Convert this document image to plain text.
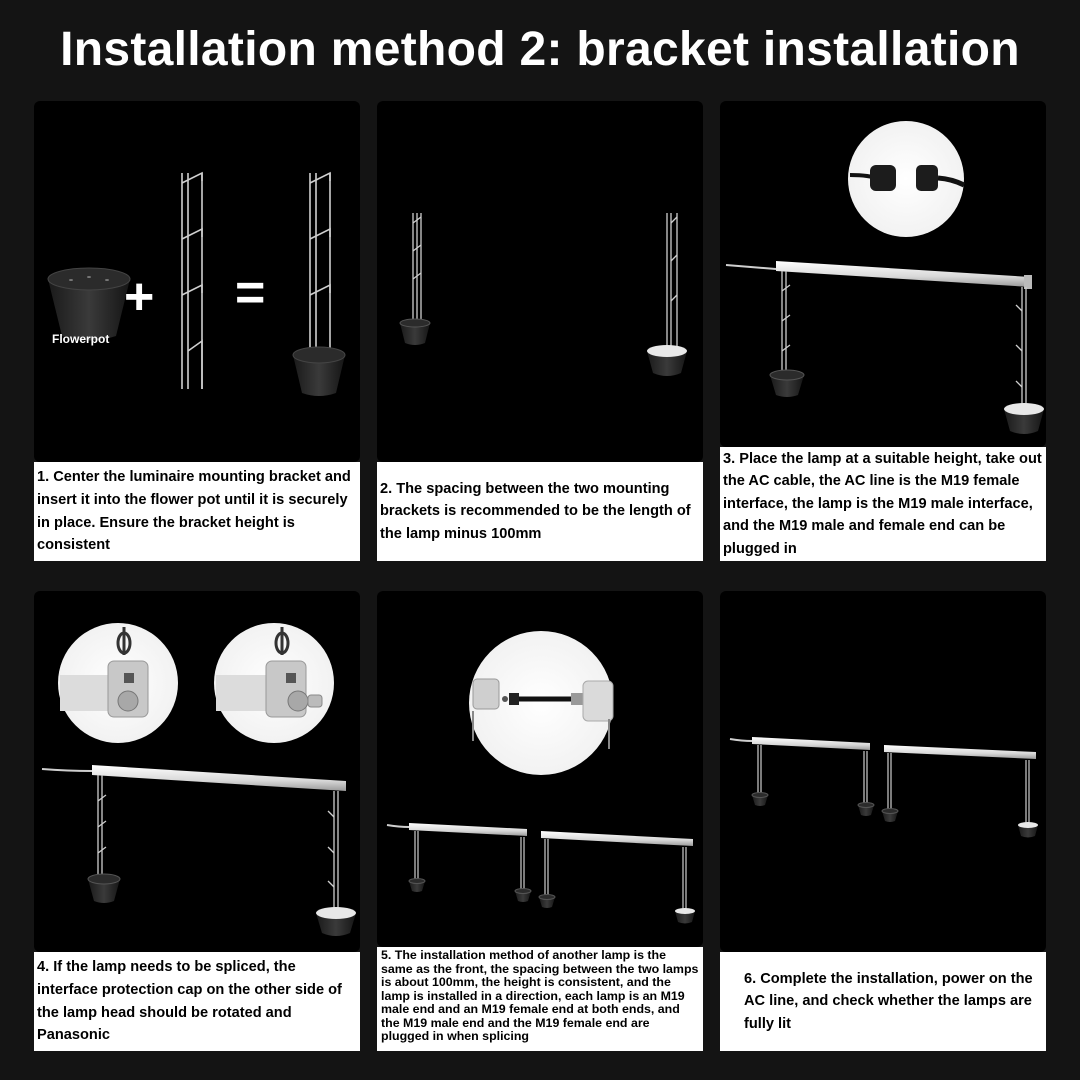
Installation method 2: bracket installation
Flowerpot
+ =
1. Center the luminaire mounting bracket and insert it into the flower pot until it is securely in place. Ensure the bracket height is consistent
2. The spacing between the two mounting brackets is recommended to be the length of the lamp minus 100mm
3. Place the lamp at a suitable height, take out the AC cable, the AC line is the M19 female interface, the lamp is the M19 male interface, and the M19 male and female end can be plugged in
4. If the lamp needs to be spliced, the interface protection cap on the other side of the lamp head should be rotated and Panasonic
5. The installation method of another lamp is the same as the front, the spacing between the two lamps is about 100mm, the height is consistent, and the lamp is installed in a direction, each lamp is an M19 male end and an M19 female end at both ends, and the M19 male end and the M19 female end are plugged in when splicing
6. Complete the installation, power on the AC line, and check whether the lamps are fully lit
